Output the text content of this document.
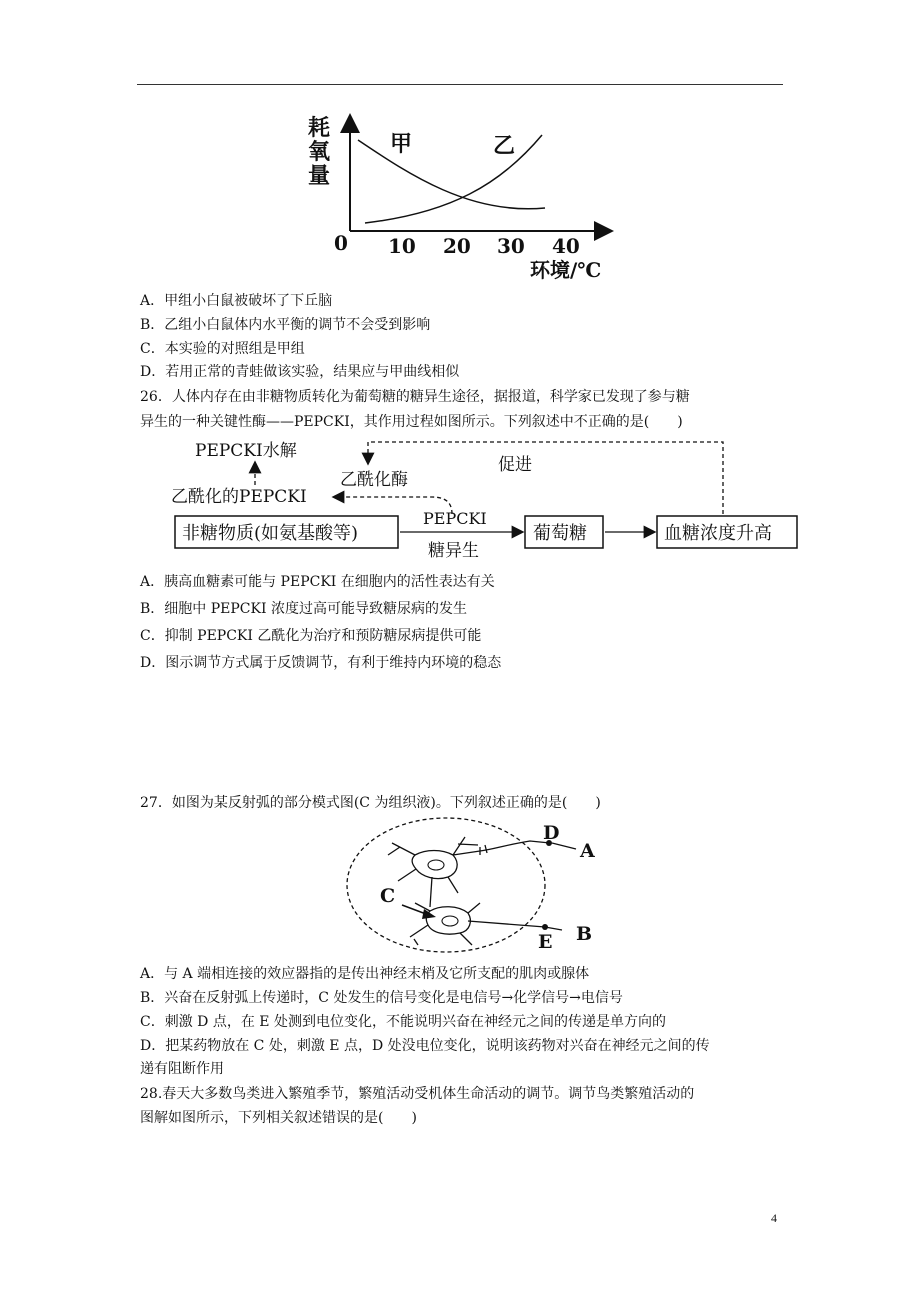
耗
氧
量
0 10 20 30 40
环境/℃
甲	乙
A．甲组小白鼠被破坏了下丘脑
B．乙组小白鼠体内水平衡的调节不会受到影响
C．本实验的对照组是甲组
D．若用正常的青蛙做该实验，结果应与甲曲线相似
26．人体内存在由非糖物质转化为葡萄糖的糖异生途径，据报道，科学家已发现了参与糖
异生的一种关键性酶——PEPCKI，其作用过程如图所示。下列叙述中不正确的是(　　)
非糖物质(如氨基酸等)	葡萄糖	血糖浓度升高
PEPCKI
糖异生
乙酰化的PEPCKI
PEPCKI水解
乙酰化酶
促进
A．胰高血糖素可能与 PEPCKI 在细胞内的活性表达有关
B．细胞中 PEPCKI 浓度过高可能导致糖尿病的发生
C．抑制 PEPCKI 乙酰化为治疗和预防糖尿病提供可能
D．图示调节方式属于反馈调节，有利于维持内环境的稳态
27．如图为某反射弧的部分模式图(C 为组织液)。下列叙述正确的是(　　)
D
A
C
E B
A．与 A 端相连接的效应器指的是传出神经末梢及它所支配的肌肉或腺体
B．兴奋在反射弧上传递时，C 处发生的信号变化是电信号→化学信号→电信号
C．刺激 D 点，在 E 处测到电位变化，不能说明兴奋在神经元之间的传递是单方向的
D．把某药物放在 C 处，刺激 E 点，D 处没电位变化，说明该药物对兴奋在神经元之间的传
递有阻断作用
28.春天大多数鸟类进入繁殖季节，繁殖活动受机体生命活动的调节。调节鸟类繁殖活动的
图解如图所示，下列相关叙述错误的是(　　)
4
